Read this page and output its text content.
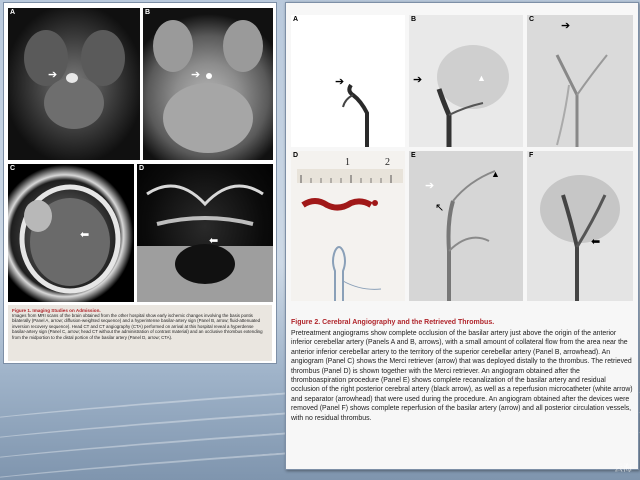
A
➔
B
➔
C
⬅
D
⬅
Figure 1. Imaging Studies on Admission.
Images from MRI scans of the brain obtained from the other hospital show early ischemic changes involving the basis pontis bilaterally (Panel A, arrow; diffusion-weighted sequence) and a hyperintense basilar-artery sign (Panel B, arrow; fluid-attenuated inversion recovery sequence). Head CT and CT angiography (CTA) performed on arrival at this hospital reveal a hyperdense basilar-artery sign (Panel C, arrow; head CT without the administration of contrast material) and an occlusive thrombus extending from the midportion to the distal portion of the basilar artery (Panel D, arrow; CTA).
A
➔
B
➔	▲
C
➔
D
1	2
E
➔
↖
▲
F
⬅
Figure 2. Cerebral Angiography and the Retrieved Thrombus.
Pretreatment angiograms show complete occlusion of the basilar artery just above the origin of the anterior inferior cerebellar artery (Panels A and B, arrows), with a small amount of collateral flow from the area near the anterior inferior cerebellar artery to the territory of the superior cerebellar artery (Panel B, arrowhead). An angiogram (Panel C) shows the Merci retriever (arrow) that was deployed distally to the thrombus. The retrieved thrombus (Panel D) is shown together with the Merci retriever. An angiogram obtained after the thromboaspiration procedure (Panel E) shows complete recanalization of the basilar artery and residual occlusion of the right posterior cerebral artery (black arrow), as well as a reperfusion microcatheter (white arrow) and separator (arrowhead) that were used during the procedure. An angiogram obtained after the devices were removed (Panel F) shows complete reperfusion of the basilar artery (arrow) and all posterior circulation vessels, with no residual thrombus.
云海
